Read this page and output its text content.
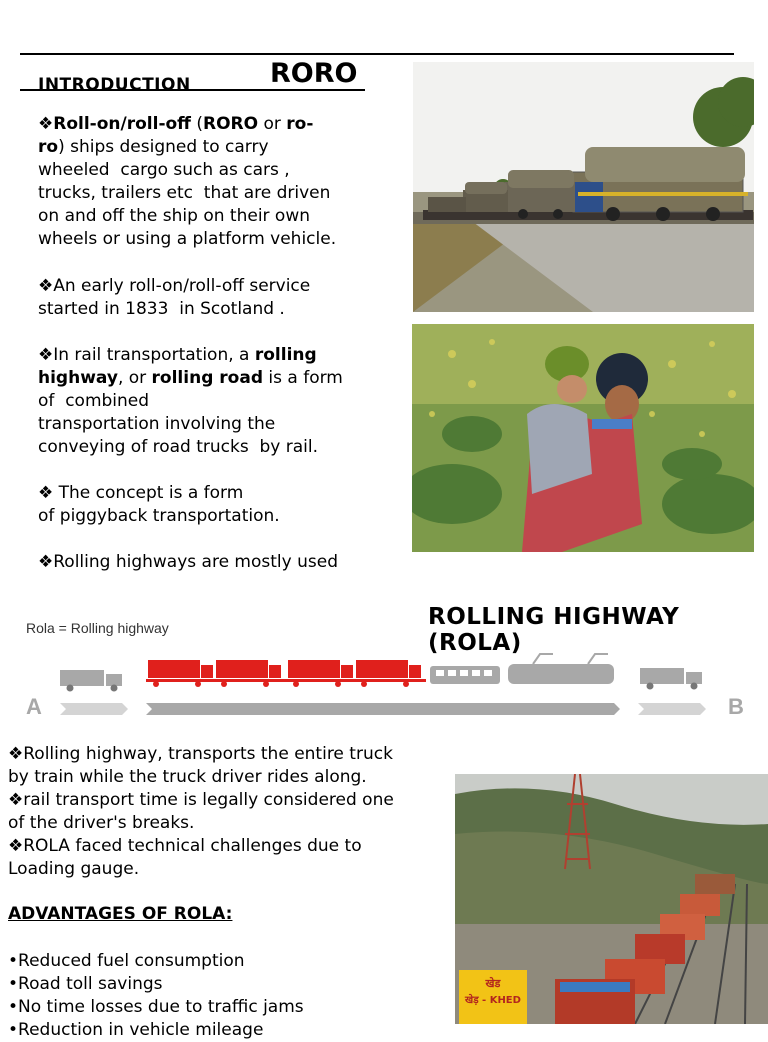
RORO
INTRODUCTION
❖Roll-on/roll-off (RORO or ro-
ro) ships designed to carry
wheeled  cargo such as cars ,
trucks, trailers etc  that are driven
on and off the ship on their own
wheels or using a platform vehicle.
❖An early roll-on/roll-off service
started in 1833  in Scotland .
❖In rail transportation, a rolling
highway, or rolling road is a form
of  combined
transportation involving the
conveying of road trucks  by rail.
❖ The concept is a form
of piggyback transportation.
❖Rolling highways are mostly used
ROLLING HIGHWAY (ROLA)
Rola = Rolling highway
A	B
❖Rolling highway, transports the entire truck
by train while the truck driver rides along.
❖rail transport time is legally considered one
of the driver's breaks.
❖ROLA faced technical challenges due to
Loading gauge.
ADVANTAGES OF ROLA:
•Reduced fuel consumption
•Road toll savings
•No time losses due to traffic jams
•Reduction in vehicle mileage
खेड
खेड़ - KHED
